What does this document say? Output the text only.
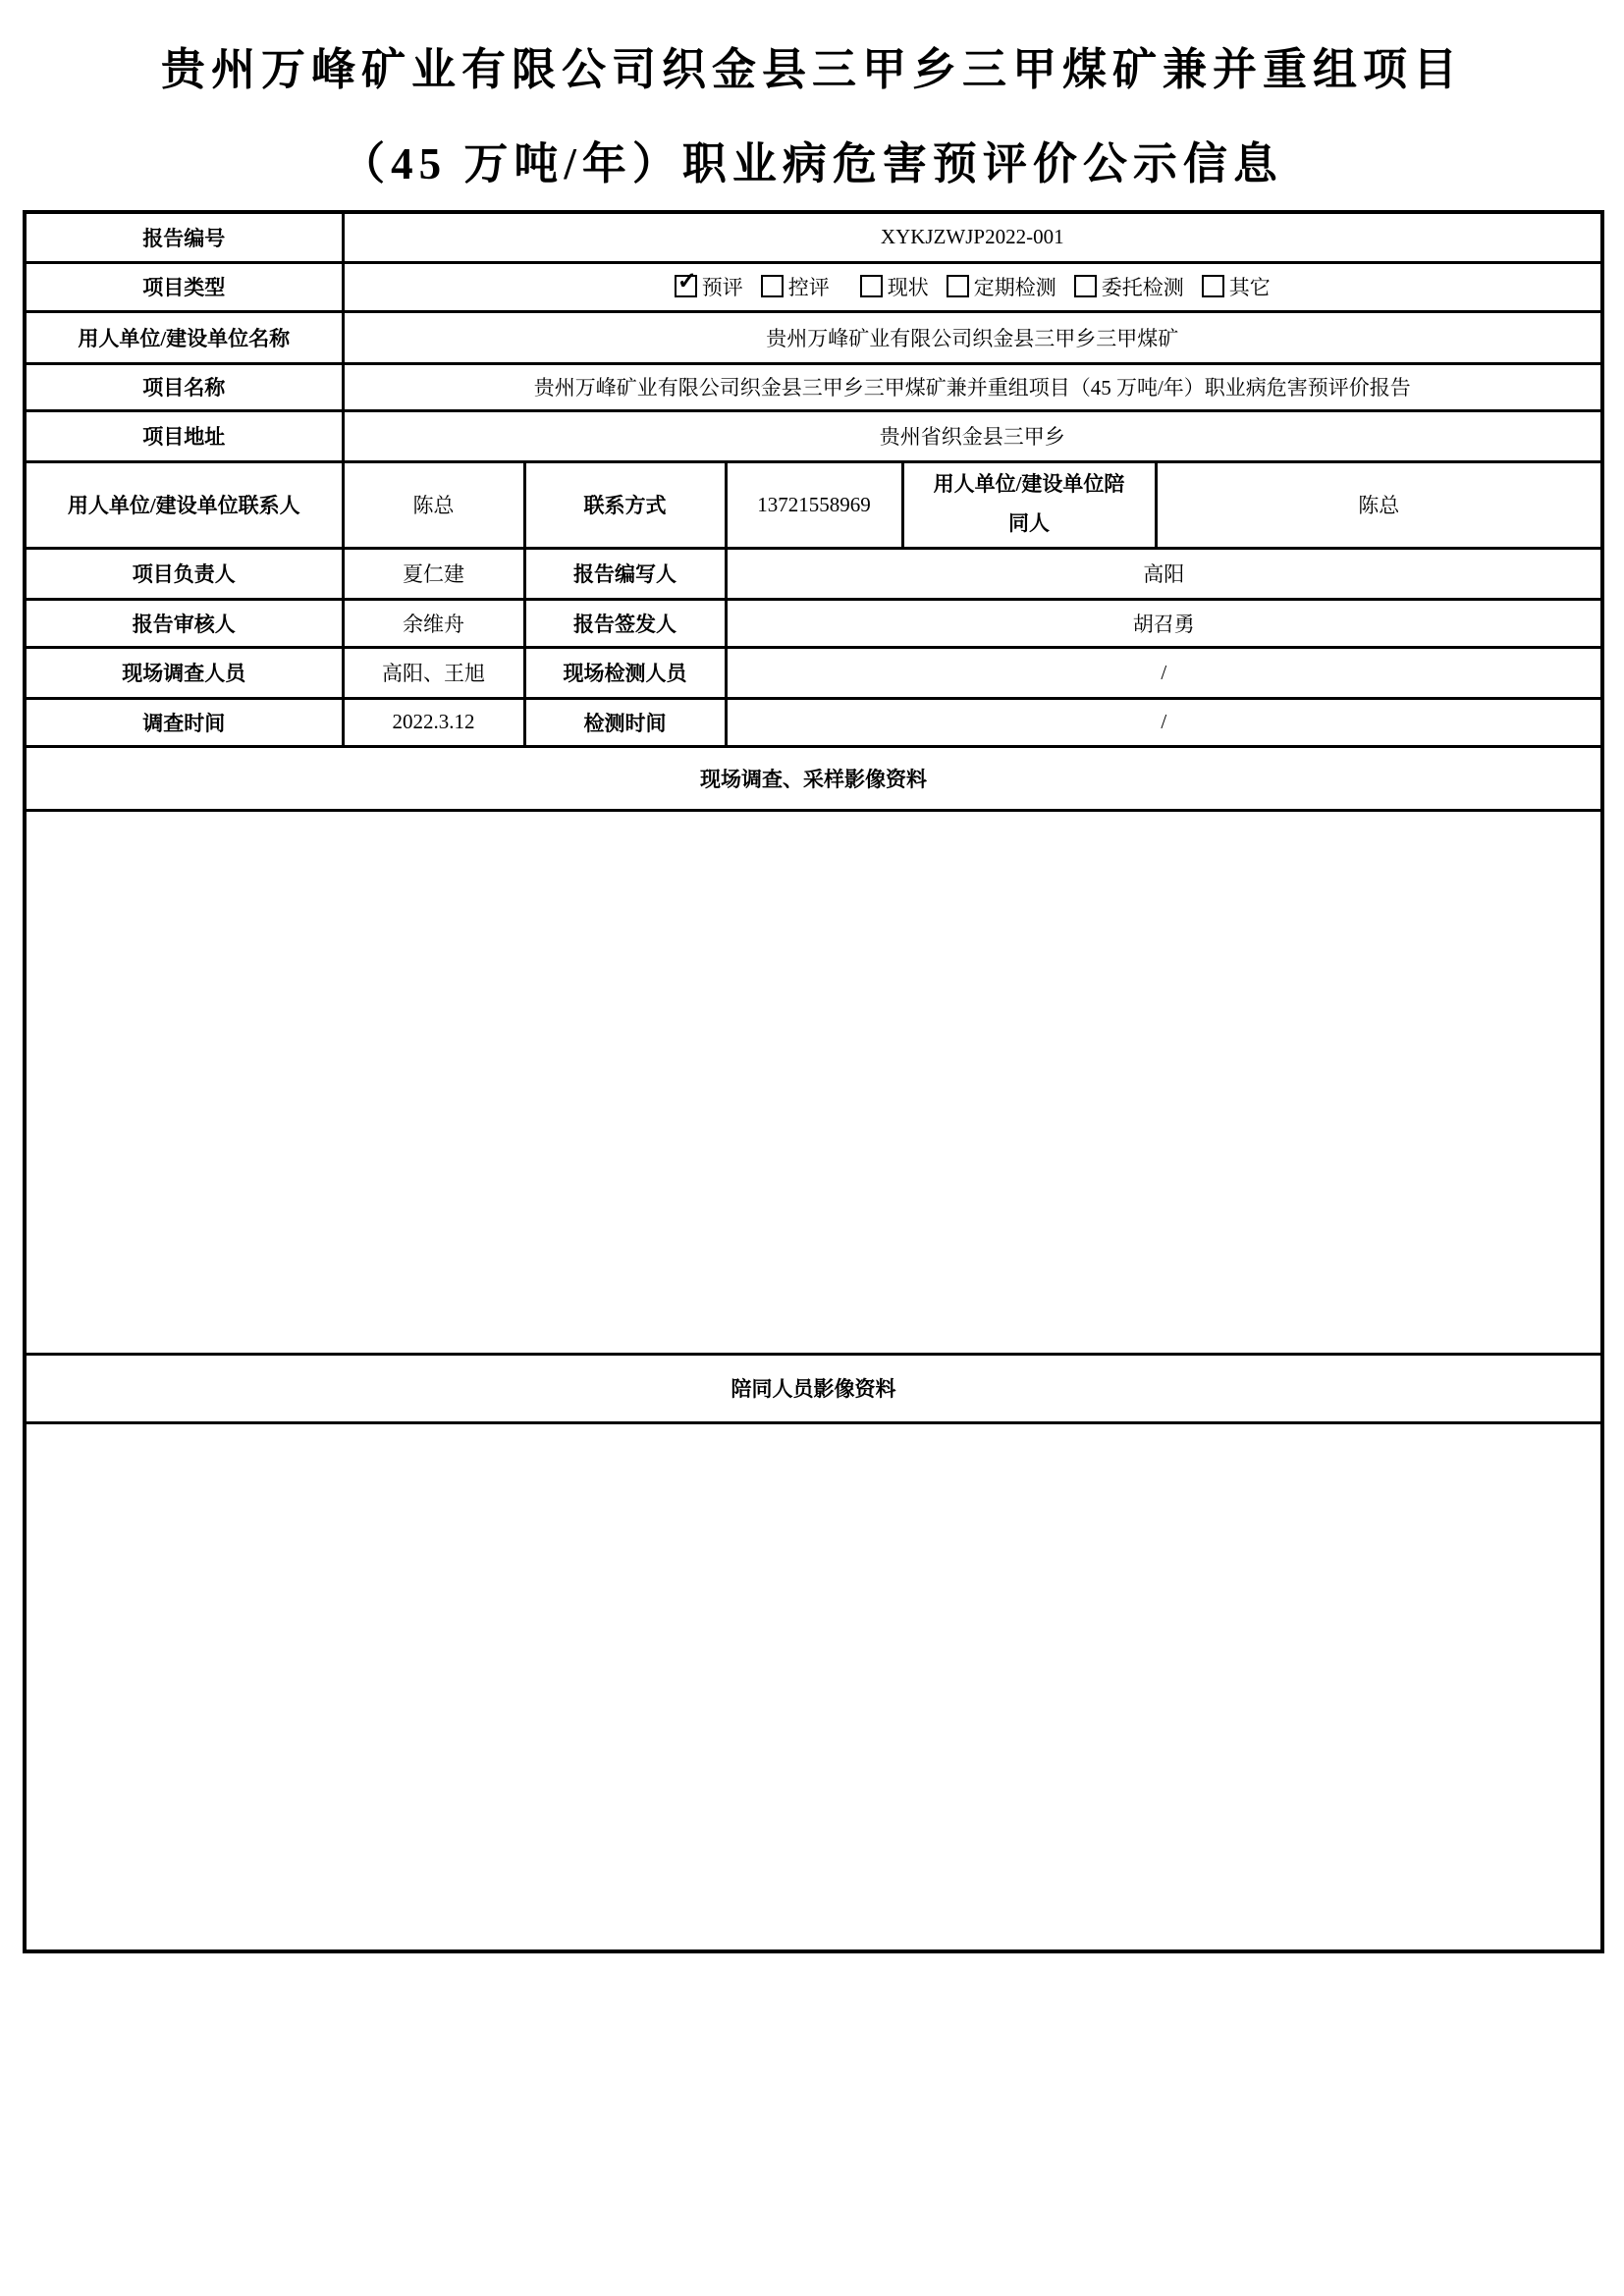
贵州万峰矿业有限公司织金县三甲乡三甲煤矿兼并重组项目
（45 万吨/年）职业病危害预评价公示信息
报告编号	XYKJZWJP2022-001				
项目类型	✓ 预评 控评	现状 定期检测 委托检测 其它
用人单位/建设单位名称	贵州万峰矿业有限公司织金县三甲乡三甲煤矿				
项目名称	贵州万峰矿业有限公司织金县三甲乡三甲煤矿兼并重组项目（45 万吨/年）职业病危害预评价报告				
项目地址	贵州省织金县三甲乡				
用人单位/建设单位联系人	陈总	联系方式	13721558969	用人单位/建设单位陪同人	陈总
项目负责人	夏仁建	报告编写人	高阳		
报告审核人	余维舟	报告签发人	胡召勇		
现场调查人员	高阳、王旭	现场检测人员	/		
调查时间	2022.3.12	检测时间	/		
现场调查、采样影像资料					

陪同人员影像资料					
